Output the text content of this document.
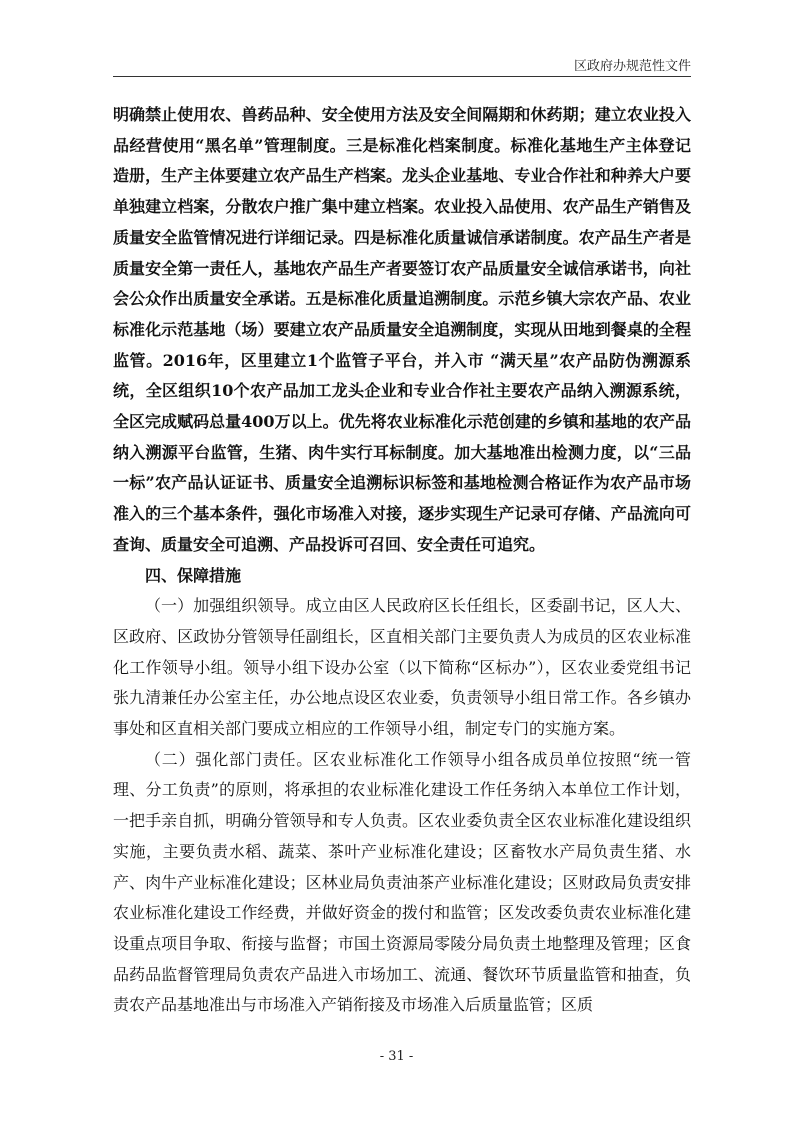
区政府办规范性文件

明确禁止使用农、兽药品种、安全使用方法及安全间隔期和休药期；建立农业投入品经营使用“黑名单”管理制度。三是标准化档案制度。标准化基地生产主体登记造册，生产主体要建立农产品生产档案。龙头企业基地、专业合作社和种养大户要单独建立档案，分散农户推广集中建立档案。农业投入品使用、农产品生产销售及质量安全监管情况进行详细记录。四是标准化质量诚信承诺制度。农产品生产者是质量安全第一责任人，基地农产品生产者要签订农产品质量安全诚信承诺书，向社会公众作出质量安全承诺。五是标准化质量追溯制度。示范乡镇大宗农产品、农业标准化示范基地（场）要建立农产品质量安全追溯制度，实现从田地到餐桌的全程监管。2016年，区里建立1个监管子平台，并入市 “满天星”农产品防伪溯源系统，全区组织10个农产品加工龙头企业和专业合作社主要农产品纳入溯源系统，全区完成赋码总量400万以上。优先将农业标准化示范创建的乡镇和基地的农产品纳入溯源平台监管，生猪、肉牛实行耳标制度。加大基地准出检测力度，以“三品一标”农产品认证证书、质量安全追溯标识标签和基地检测合格证作为农产品市场准入的三个基本条件，强化市场准入对接，逐步实现生产记录可存储、产品流向可查询、质量安全可追溯、产品投诉可召回、安全责任可追究。

四、保障措施

（一）加强组织领导。成立由区人民政府区长任组长，区委副书记，区人大、区政府、区政协分管领导任副组长，区直相关部门主要负责人为成员的区农业标准化工作领导小组。领导小组下设办公室（以下简称“区标办”），区农业委党组书记张九清兼任办公室主任，办公地点设区农业委，负责领导小组日常工作。各乡镇办事处和区直相关部门要成立相应的工作领导小组，制定专门的实施方案。

（二）强化部门责任。区农业标准化工作领导小组各成员单位按照“统一管理、分工负责”的原则，将承担的农业标准化建设工作任务纳入本单位工作计划，一把手亲自抓，明确分管领导和专人负责。区农业委负责全区农业标准化建设组织实施，主要负责水稻、蔬菜、茶叶产业标准化建设；区畜牧水产局负责生猪、水产、肉牛产业标准化建设；区林业局负责油茶产业标准化建设；区财政局负责安排农业标准化建设工作经费，并做好资金的拨付和监管；区发改委负责农业标准化建设重点项目争取、衔接与监督；市国土资源局零陵分局负责土地整理及管理；区食品药品监督管理局负责农产品进入市场加工、流通、餐饮环节质量监管和抽查，负责农产品基地准出与市场准入产销衔接及市场准入后质量监管；区质

- 31 -
